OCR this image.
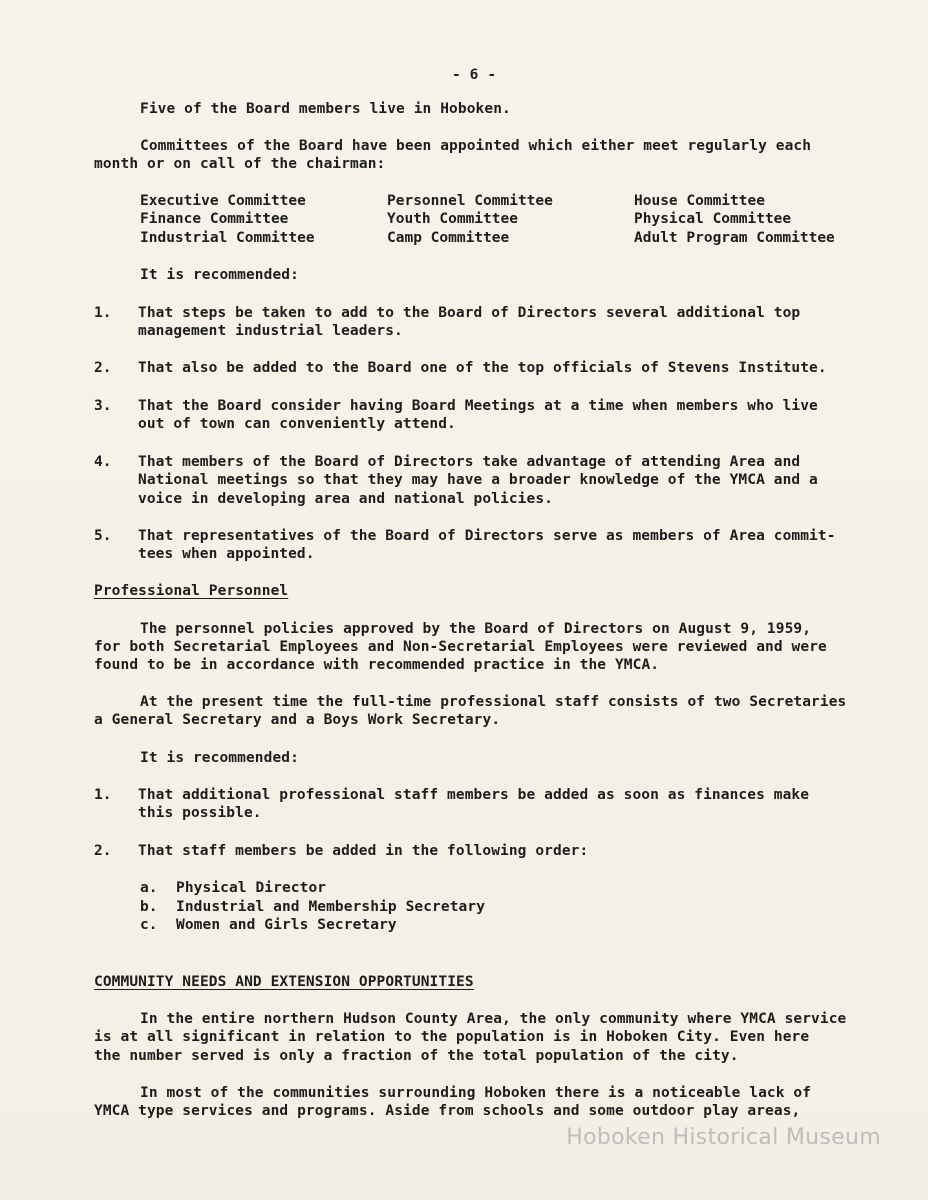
- 6 -
Five of the Board members live in Hoboken.
Committees of the Board have been appointed which either meet regularly each
month or on call of the chairman:
Executive Committee
Finance Committee
Industrial Committee
Personnel Committee
Youth Committee
Camp Committee
House Committee
Physical Committee
Adult Program Committee
It is recommended:
1. That steps be taken to add to the Board of Directors several additional top
management industrial leaders.
2. That also be added to the Board one of the top officials of Stevens Institute.
3. That the Board consider having Board Meetings at a time when members who live
out of town can conveniently attend.
4. That members of the Board of Directors take advantage of attending Area and
National meetings so that they may have a broader knowledge of the YMCA and a
voice in developing area and national policies.
5. That representatives of the Board of Directors serve as members of Area commit-
tees when appointed.
Professional Personnel
The personnel policies approved by the Board of Directors on August 9, 1959,
for both Secretarial Employees and Non-Secretarial Employees were reviewed and were
found to be in accordance with recommended practice in the YMCA.
At the present time the full-time professional staff consists of two Secretaries
a General Secretary and a Boys Work Secretary.
It is recommended:
1. That additional professional staff members be added as soon as finances make
this possible.
2. That staff members be added in the following order:
a. Physical Director
b. Industrial and Membership Secretary
c. Women and Girls Secretary
COMMUNITY NEEDS AND EXTENSION OPPORTUNITIES
In the entire northern Hudson County Area, the only community where YMCA service
is at all significant in relation to the population is in Hoboken City. Even here
the number served is only a fraction of the total population of the city.
In most of the communities surrounding Hoboken there is a noticeable lack of
YMCA type services and programs. Aside from schools and some outdoor play areas,
Hoboken Historical Museum
